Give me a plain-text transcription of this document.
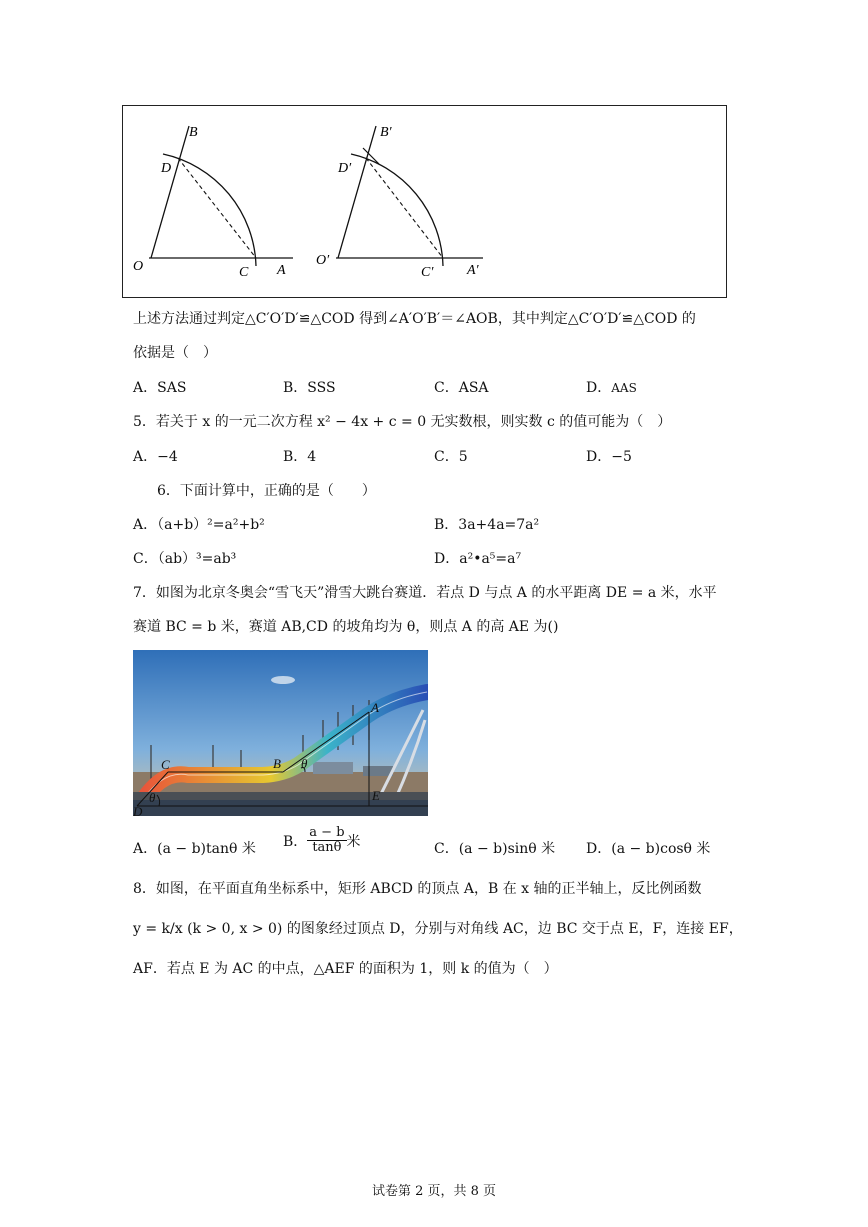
B
D
O	C A
B′
D′
O′
C′ A′
上述方法通过判定△C′O′D′≌△COD 得到∠A′O′B′＝∠AOB，其中判定△C′O′D′≌△COD 的
依据是（　）
A．SAS	B．SSS	C．ASA	D．AAS
5．若关于 x 的一元二次方程 x² − 4x + c = 0 无实数根，则实数 c 的值可能为（　）
A．−4	B．4	C．5	D．−5
6．下面计算中，正确的是（　　）
A．（a+b）²=a²+b²	B．3a+4a=7a²
C．（ab）³=ab³	D．a²•a⁵=a⁷
7．如图为北京冬奥会“雪飞天”滑雪大跳台赛道．若点 D 与点 A 的水平距离 DE = a 米，水平
赛道 BC = b 米，赛道 AB,CD 的坡角均为 θ，则点 A 的高 AE 为()
A
B
C
D
E
θ
θ
A．(a − b)tanθ 米 B． $\frac{a - b}{\tan\theta}$ 米	C．(a − b)sinθ 米 D．(a − b)cosθ 米
8．如图，在平面直角坐标系中，矩形 ABCD 的顶点 A，B 在 x 轴的正半轴上，反比例函数
y = k/x (k > 0, x > 0) 的图象经过顶点 D，分别与对角线 AC，边 BC 交于点 E，F，连接 EF，
AF．若点 E 为 AC 的中点，△AEF 的面积为 1，则 k 的值为（　）
试卷第 2 页，共 8 页
